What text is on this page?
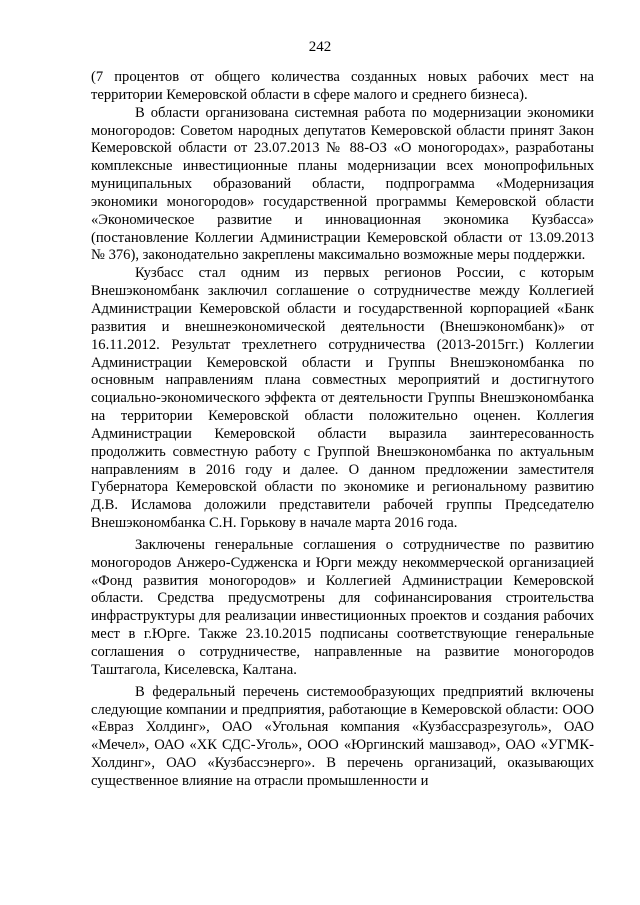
242

(7 процентов от общего количества созданных новых рабочих мест на территории Кемеровской области в сфере малого и среднего бизнеса).

В области организована системная работа по модернизации экономики моногородов: Советом народных депутатов Кемеровской области принят Закон Кемеровской области от 23.07.2013 № 88-ОЗ «О моногородах», разработаны комплексные инвестиционные планы модернизации всех монопрофильных муниципальных образований области, подпрограмма «Модернизация экономики моногородов» государственной программы Кемеровской области «Экономическое развитие и инновационная экономика Кузбасса» (постановление Коллегии Администрации Кемеровской области от 13.09.2013 № 376), законодательно закреплены максимально возможные меры поддержки.

Кузбасс стал одним из первых регионов России, с которым Внешэкономбанк заключил соглашение о сотрудничестве между Коллегией Администрации Кемеровской области и государственной корпорацией «Банк развития и внешнеэкономической деятельности (Внешэкономбанк)» от 16.11.2012. Результат трехлетнего сотрудничества (2013-2015гг.) Коллегии Администрации Кемеровской области и Группы Внешэкономбанка по основным направлениям плана совместных мероприятий и достигнутого социально-экономического эффекта от деятельности Группы Внешэкономбанка на территории Кемеровской области положительно оценен. Коллегия Администрации Кемеровской области выразила заинтересованность продолжить совместную работу с Группой Внешэкономбанка по актуальным направлениям в 2016 году и далее. О данном предложении заместителя Губернатора Кемеровской области по экономике и региональному развитию Д.В. Исламова доложили представители рабочей группы Председателю Внешэкономбанка С.Н. Горькову в начале марта 2016 года.

Заключены генеральные соглашения о сотрудничестве по развитию моногородов Анжеро-Судженска и Юрги между некоммерческой организацией «Фонд развития моногородов» и Коллегией Администрации Кемеровской области. Средства предусмотрены для софинансирования строительства инфраструктуры для реализации инвестиционных проектов и создания рабочих мест в г.Юрге. Также 23.10.2015 подписаны соответствующие генеральные соглашения о сотрудничестве, направленные на развитие моногородов Таштагола, Киселевска, Калтана.

В федеральный перечень системообразующих предприятий включены следующие компании и предприятия, работающие в Кемеровской области: ООО «Евраз Холдинг», ОАО «Угольная компания «Кузбассразрезуголь», ОАО «Мечел», ОАО «ХК СДС-Уголь», ООО «Юргинский машзавод», ОАО «УГМК-Холдинг», ОАО «Кузбассэнерго». В перечень организаций, оказывающих существенное влияние на отрасли промышленности и
